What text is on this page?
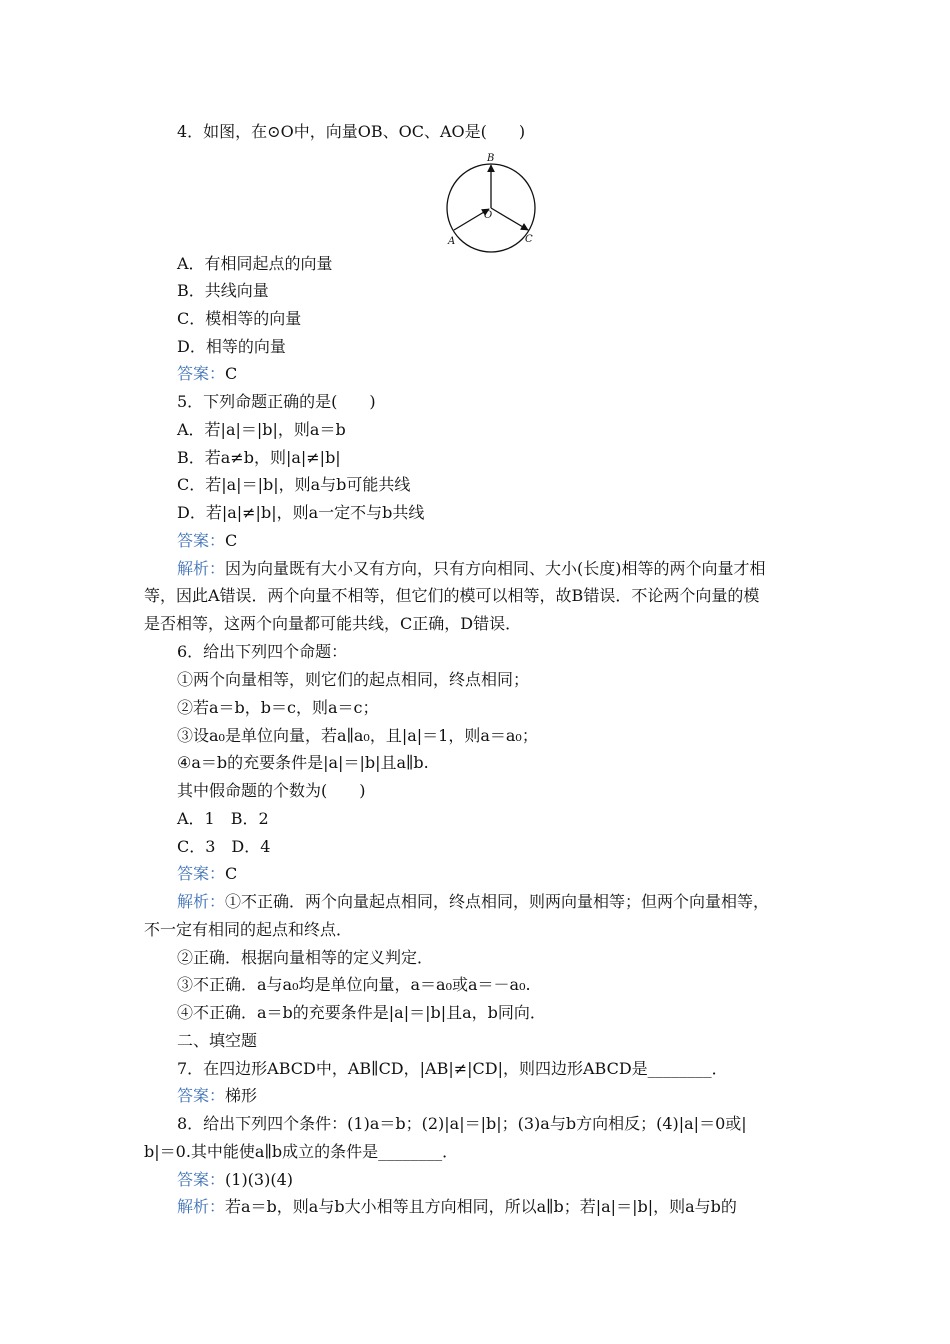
4．如图，在⊙O中，向量OB、OC、AO是(　　)
B
O
A	C
A．有相同起点的向量
B．共线向量
C．模相等的向量
D．相等的向量
答案：C
5．下列命题正确的是(　　)
A．若|a|＝|b|，则a＝b
B．若a≠b，则|a|≠|b|
C．若|a|＝|b|，则a与b可能共线
D．若|a|≠|b|，则a一定不与b共线
答案：C
解析：因为向量既有大小又有方向，只有方向相同、大小(长度)相等的两个向量才相
等，因此A错误．两个向量不相等，但它们的模可以相等，故B错误．不论两个向量的模
是否相等，这两个向量都可能共线，C正确，D错误．
6．给出下列四个命题：
①两个向量相等，则它们的起点相同，终点相同；
②若a＝b，b＝c，则a＝c；
③设a₀是单位向量，若a∥a₀，且|a|＝1，则a＝a₀；
④a＝b的充要条件是|a|＝|b|且a∥b.
其中假命题的个数为(　　)
A．1　B．2
C．3　D．4
答案：C
解析：①不正确．两个向量起点相同，终点相同，则两向量相等；但两个向量相等，
不一定有相同的起点和终点．
②正确．根据向量相等的定义判定．
③不正确．a与a₀均是单位向量，a＝a₀或a＝－a₀.
④不正确．a＝b的充要条件是|a|＝|b|且a，b同向．
二、填空题
7．在四边形ABCD中，AB∥CD，|AB|≠|CD|，则四边形ABCD是________．
答案：梯形
8．给出下列四个条件：(1)a＝b；(2)|a|＝|b|；(3)a与b方向相反；(4)|a|＝0或|
b|＝0.其中能使a∥b成立的条件是________．
答案：(1)(3)(4)
解析：若a＝b，则a与b大小相等且方向相同，所以a∥b；若|a|＝|b|，则a与b的
